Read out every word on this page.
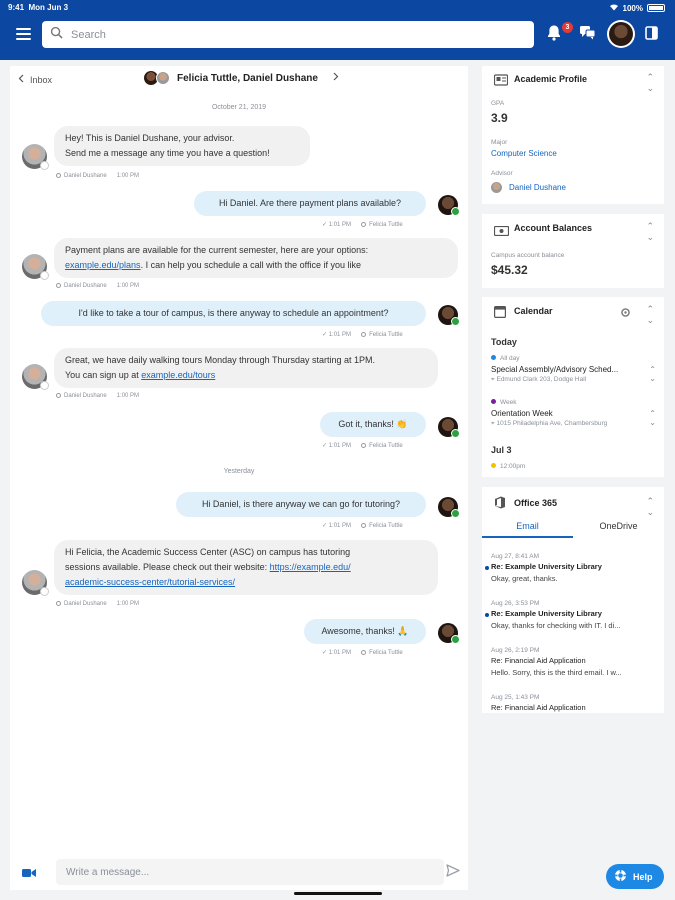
9:41 Mon Jun 3	100%
Search
3
Inbox	Felicia Tuttle, Daniel Dushane
October 21, 2019
Hey! This is Daniel Dushane, your advisor.
Send me a message any time you have a question!
Daniel Dushane 1:00 PM
Hi Daniel. Are there payment plans available?
✓ 1:01 PM	Felicia Tuttle
Payment plans are available for the current semester, here are your options:
example.edu/plans. I can help you schedule a call with the office if you like
Daniel Dushane 1:00 PM
I'd like to take a tour of campus, is there anyway to schedule an appointment?
✓ 1:01 PM	Felicia Tuttle
Great, we have daily walking tours Monday through Thursday starting at 1PM.
You can sign up at example.edu/tours
Daniel Dushane 1:00 PM
Got it, thanks! 👏
✓ 1:01 PM	Felicia Tuttle
Yesterday
Hi Daniel, is there anyway we can go for tutoring?
✓ 1:01 PM	Felicia Tuttle
Hi Felicia, the Academic Success Center (ASC) on campus has tutoring
sessions available. Please check out their website: https://example.edu/
academic-success-center/tutorial-services/
Daniel Dushane 1:00 PM
Awesome, thanks! 🙏
✓ 1:01 PM	Felicia Tuttle
Write a message...
Academic Profile	⌃
⌄
GPA
3.9
Major
Computer Science
Advisor
Daniel Dushane
Account Balances	⌃
⌄
Campus account balance
$45.32
Calendar	⌃
⌄
Today
All day
Special Assembly/Advisory Sched...
⌖ Edmund Clark 203, Dodge Hall
⌃
⌄
Week
Orientation Week
⌖ 1015 Philadelphia Ave, Chambersburg
⌃
⌄
Jul 3
12:00pm
Office 365	⌃
⌄
Email	OneDrive
Aug 27, 8:41 AM
Re: Example University Library
Okay, great, thanks.
Aug 26, 3:53 PM
Re: Example University Library
Okay, thanks for checking with IT. I di...
Aug 26, 2:19 PM
Re: Financial Aid Application
Hello. Sorry, this is the third email. I w...
Aug 25, 1:43 PM
Re: Financial Aid Application
Help
